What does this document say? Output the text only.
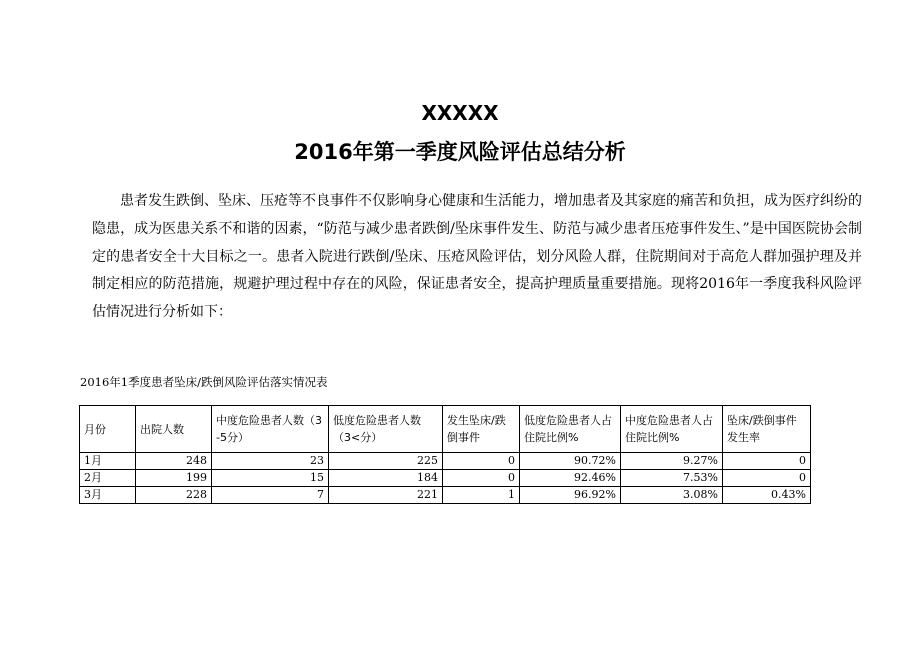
XXXXX
2016年第一季度风险评估总结分析

患者发生跌倒、坠床、压疮等不良事件不仅影响身心健康和生活能力，增加患者及其家庭的痛苦和负担，成为医疗纠纷的隐患，成为医患关系不和谐的因素，“防范与减少患者跌倒/坠床事件发生、防范与减少患者压疮事件发生、”是中国医院协会制定的患者安全十大目标之一。患者入院进行跌倒/坠床、压疮风险评估，划分风险人群，住院期间对于高危人群加强护理及并制定相应的防范措施，规避护理过程中存在的风险，保证患者安全，提高护理质量重要措施。现将2016年一季度我科风险评估情况进行分析如下：

2016年1季度患者坠床/跌倒风险评估落实情况表

月份	出院人数	中度危险患者人数（3-5分）	低度危险患者人数（3<分）	发生坠床/跌倒事件	低度危险患者人占住院比例%	中度危险患者人占住院比例%	坠床/跌倒事件发生率
1月	248	23	225	0	90.72%	9.27%	0
2月	199	15	184	0	92.46%	7.53%	0
3月	228	7	221	1	96.92%	3.08%	0.43%
